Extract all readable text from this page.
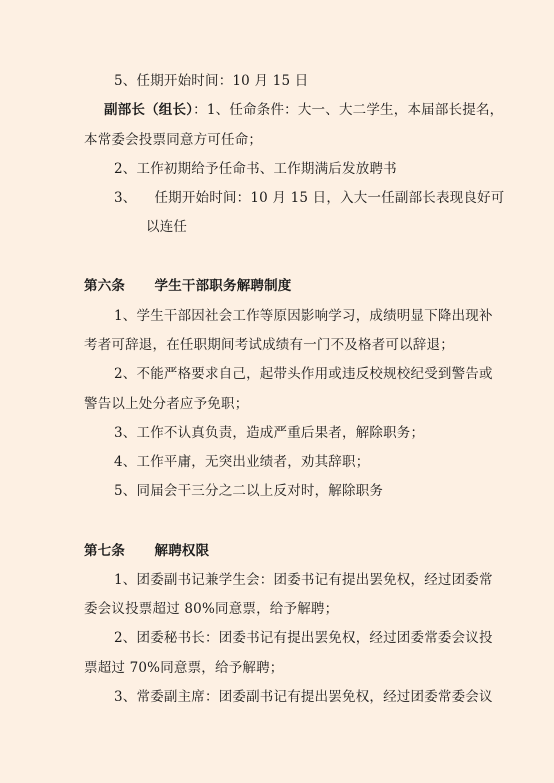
5、任期开始时间：10 月 15 日
副部长（组长）：1、任命条件：大一、大二学生，本届部长提名，
本常委会投票同意方可任命；
2、工作初期给予任命书、工作期满后发放聘书
3、    任期开始时间：10 月 15 日，入大一任副部长表现良好可
以连任
第六条      学生干部职务解聘制度
1、学生干部因社会工作等原因影响学习，成绩明显下降出现补
考者可辞退，在任职期间考试成绩有一门不及格者可以辞退；
2、不能严格要求自己，起带头作用或违反校规校纪受到警告或
警告以上处分者应予免职；
3、工作不认真负责，造成严重后果者，解除职务；
4、工作平庸，无突出业绩者，劝其辞职；
5、同届会干三分之二以上反对时，解除职务
第七条      解聘权限
1、团委副书记兼学生会：团委书记有提出罢免权，经过团委常
委会议投票超过 80%同意票，给予解聘；
2、团委秘书长：团委书记有提出罢免权，经过团委常委会议投
票超过 70%同意票，给予解聘；
3、常委副主席：团委副书记有提出罢免权，经过团委常委会议
